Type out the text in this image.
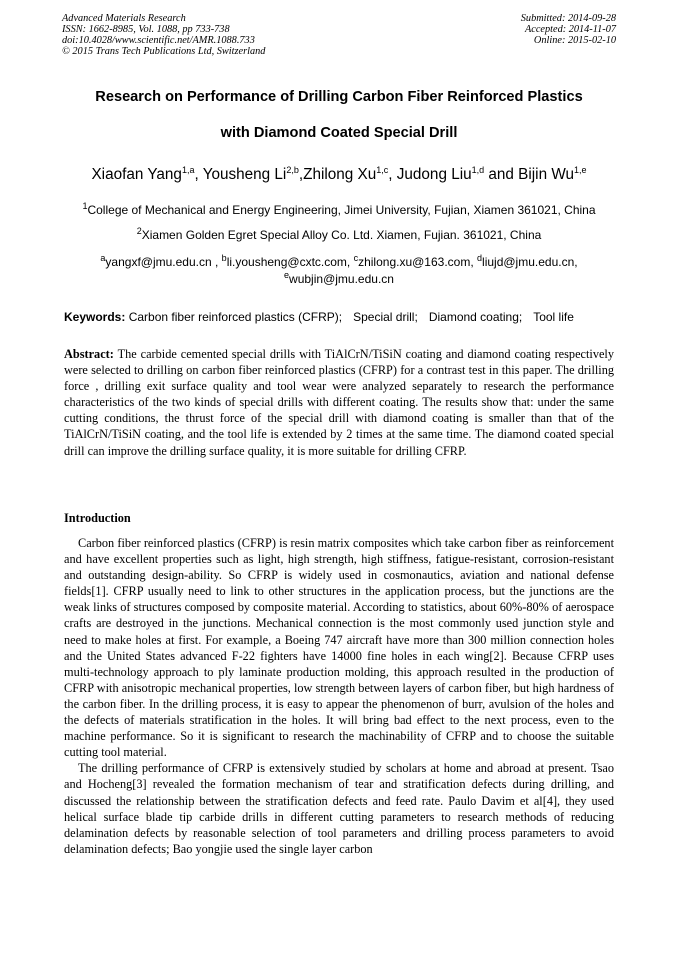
Advanced Materials Research
ISSN: 1662-8985, Vol. 1088, pp 733-738
doi:10.4028/www.scientific.net/AMR.1088.733
© 2015 Trans Tech Publications Ltd, Switzerland
Submitted: 2014-09-28
Accepted: 2014-11-07
Online: 2015-02-10
Research on Performance of Drilling Carbon Fiber Reinforced Plastics
with Diamond Coated Special Drill
Xiaofan Yang$^{1,a}$, Yousheng Li$^{2,b}$,Zhilong Xu$^{1,c}$, Judong Liu$^{1,d}$ and Bijin Wu$^{1,e}$
$^1$College of Mechanical and Energy Engineering, Jimei University, Fujian, Xiamen 361021, China
$^2$Xiamen Golden Egret Special Alloy Co. Ltd. Xiamen, Fujian. 361021, China
$^a$yangxf@jmu.edu.cn , $^b$li.yousheng@cxtc.com, $^c$zhilong.xu@163.com, $^d$liujd@jmu.edu.cn,
$^e$wubjin@jmu.edu.cn
Keywords: Carbon fiber reinforced plastics (CFRP); Special drill; Diamond coating; Tool life
Abstract: The carbide cemented special drills with TiAlCrN/TiSiN coating and diamond coating respectively were selected to drilling on carbon fiber reinforced plastics (CFRP) for a contrast test in this paper. The drilling force , drilling exit surface quality and tool wear were analyzed separately to research the performance characteristics of the two kinds of special drills with different coating. The results show that: under the same cutting conditions, the thrust force of the special drill with diamond coating is smaller than that of the TiAlCrN/TiSiN coating, and the tool life is extended by 2 times at the same time. The diamond coated special drill can improve the drilling surface quality, it is more suitable for drilling CFRP.
Introduction

Carbon fiber reinforced plastics (CFRP) is resin matrix composites which take carbon fiber as reinforcement and have excellent properties such as light, high strength, high stiffness, fatigue-resistant, corrosion-resistant and outstanding design-ability. So CFRP is widely used in cosmonautics, aviation and national defense fields[1]. CFRP usually need to link to other structures in the application process, but the junctions are the weak links of structures composed by composite material. According to statistics, about 60%-80% of aerospace crafts are destroyed in the junctions. Mechanical connection is the most commonly used junction style and need to make holes at first. For example, a Boeing 747 aircraft have more than 300 million connection holes and the United States advanced F-22 fighters have 14000 fine holes in each wing[2]. Because CFRP uses multi-technology approach to ply laminate production molding, this approach resulted in the production of CFRP with anisotropic mechanical properties, low strength between layers of carbon fiber, but high hardness of the carbon fiber. In the drilling process, it is easy to appear the phenomenon of burr, avulsion of the holes and the defects of materials stratification in the holes. It will bring bad effect to the next process, even to the machine performance. So it is significant to research the machinability of CFRP and to choose the suitable cutting tool material.

The drilling performance of CFRP is extensively studied by scholars at home and abroad at present. Tsao and Hocheng[3] revealed the formation mechanism of tear and stratification defects during drilling, and discussed the relationship between the stratification defects and feed rate. Paulo Davim et al[4], they used helical surface blade tip carbide drills in different cutting parameters to research methods of reducing delamination defects by reasonable selection of tool parameters and drilling process parameters to avoid delamination defects; Bao yongjie used the single layer carbon
